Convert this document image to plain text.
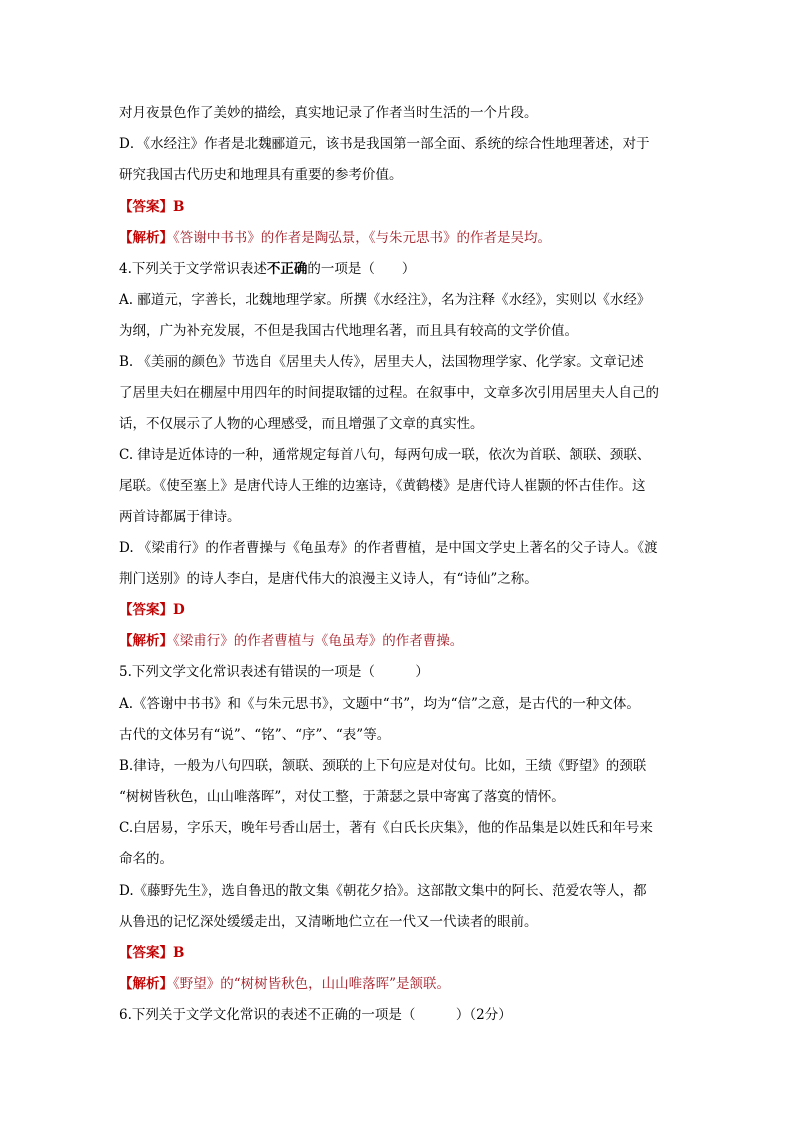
对月夜景色作了美妙的描绘，真实地记录了作者当时生活的一个片段。
D．《水经注》作者是北魏郦道元，该书是我国第一部全面、系统的综合性地理著述，对于
研究我国古代历史和地理具有重要的参考价值。
【答案】B
【解析】《答谢中书书》的作者是陶弘景，《与朱元思书》的作者是吴均。
4.下列关于文学常识表述不正确的一项是（　　）
A. 郦道元，字善长，北魏地理学家。所撰《水经注》，名为注释《水经》，实则以《水经》
为纲，广为补充发展，不但是我国古代地理名著，而且具有较高的文学价值。
B. 《美丽的颜色》节选自《居里夫人传》，居里夫人，法国物理学家、化学家。文章记述
了居里夫妇在棚屋中用四年的时间提取镭的过程。在叙事中，文章多次引用居里夫人自己的
话，不仅展示了人物的心理感受，而且增强了文章的真实性。
C. 律诗是近体诗的一种，通常规定每首八句，每两句成一联，依次为首联、颔联、颈联、
尾联。《使至塞上》是唐代诗人王维的边塞诗，《黄鹤楼》是唐代诗人崔颢的怀古佳作。这
两首诗都属于律诗。
D. 《梁甫行》的作者曹操与《龟虽寿》的作者曹植，是中国文学史上著名的父子诗人。《渡
荆门送别》的诗人李白，是唐代伟大的浪漫主义诗人，有“诗仙”之称。
【答案】D
【解析】《梁甫行》的作者曹植与《龟虽寿》的作者曹操。
5.下列文学文化常识表述有错误的一项是（　　　）
A.《答谢中书书》和《与朱元思书》，文题中“书”，均为“信”之意，是古代的一种文体。
古代的文体另有“说”、“铭”、“序”、“表”等。
B.律诗，一般为八句四联，颔联、颈联的上下句应是对仗句。比如，王绩《野望》的颈联
“树树皆秋色，山山唯落晖”，对仗工整，于萧瑟之景中寄寓了落寞的情怀。
C.白居易，字乐天，晚年号香山居士，著有《白氏长庆集》，他的作品集是以姓氏和年号来
命名的。
D.《藤野先生》，选自鲁迅的散文集《朝花夕拾》。这部散文集中的阿长、范爱农等人，都
从鲁迅的记忆深处缓缓走出，又清晰地伫立在一代又一代读者的眼前。
【答案】B
【解析】《野望》的“树树皆秋色，山山唯落晖”是颔联。
6.下列关于文学文化常识的表述不正确的一项是（　　　）（2分）
